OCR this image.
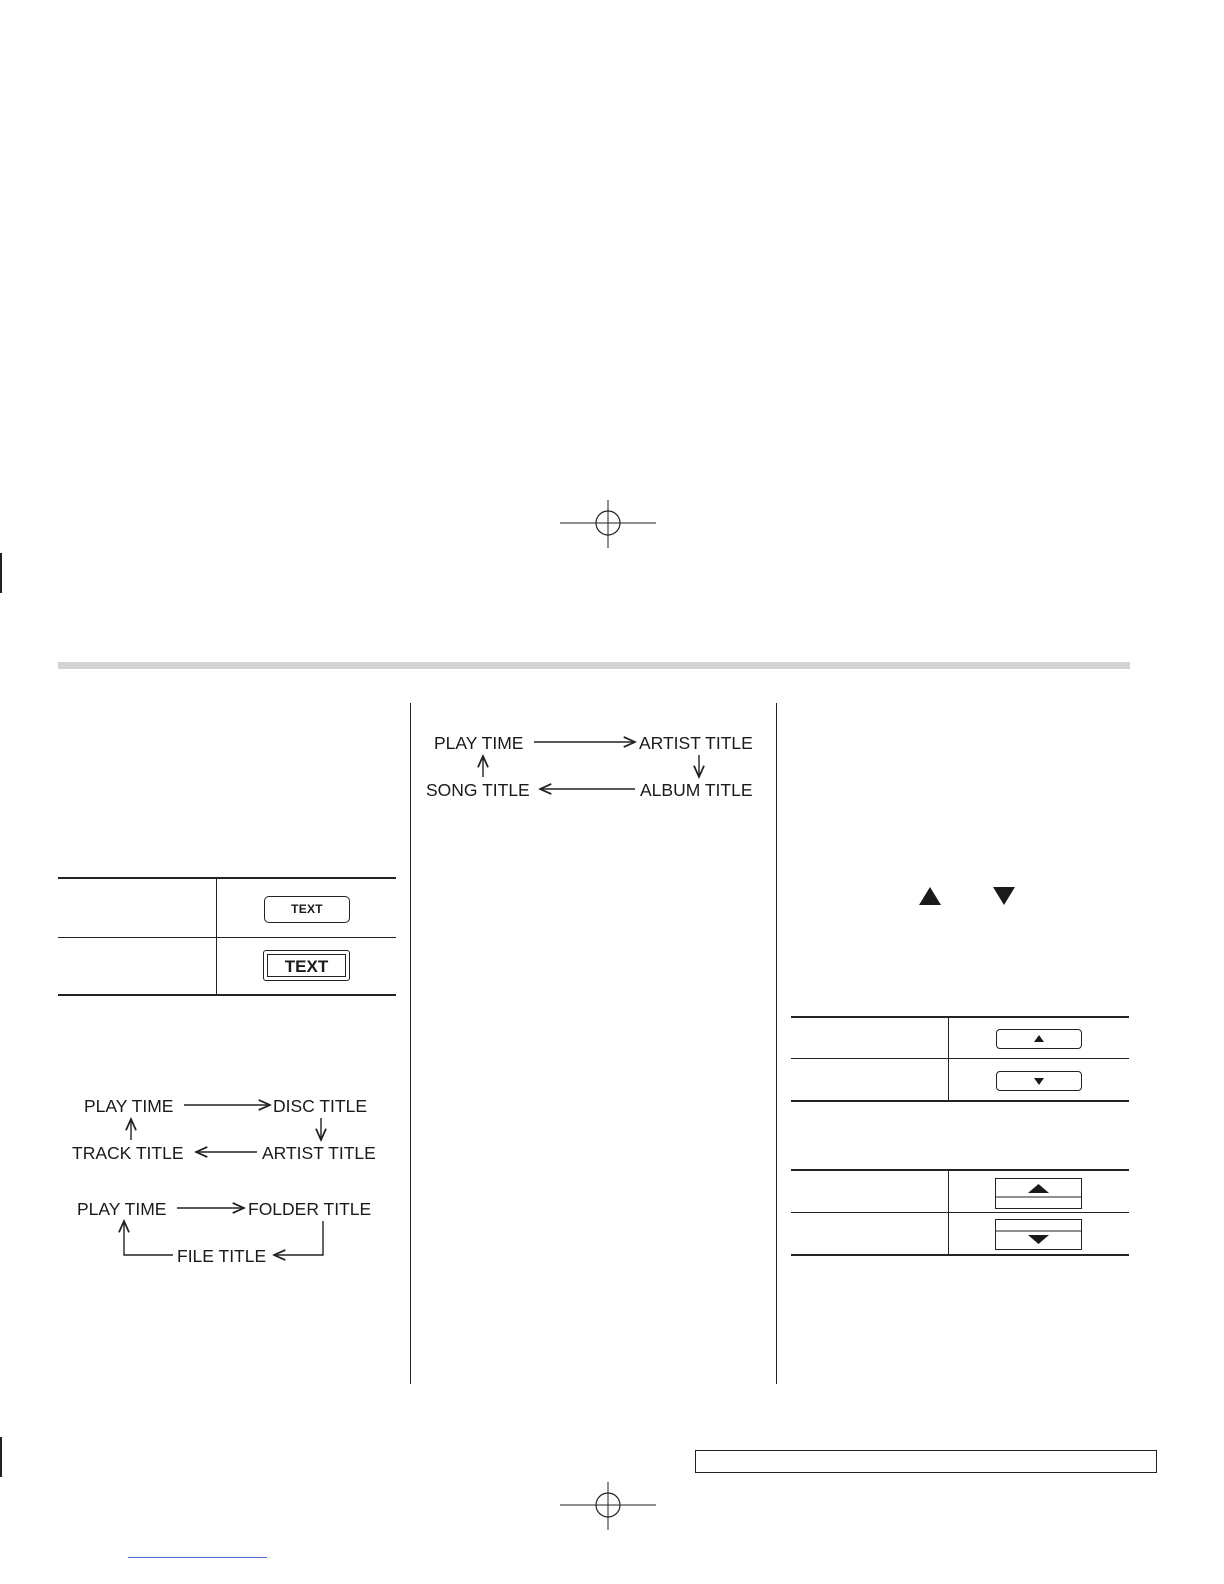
TEXT
TEXT
PLAY TIME	DISC TITLE
TRACK TITLE	ARTIST TITLE
PLAY TIME	FOLDER TITLE
FILE TITLE
PLAY TIME	ARTIST TITLE
SONG TITLE	ALBUM TITLE
